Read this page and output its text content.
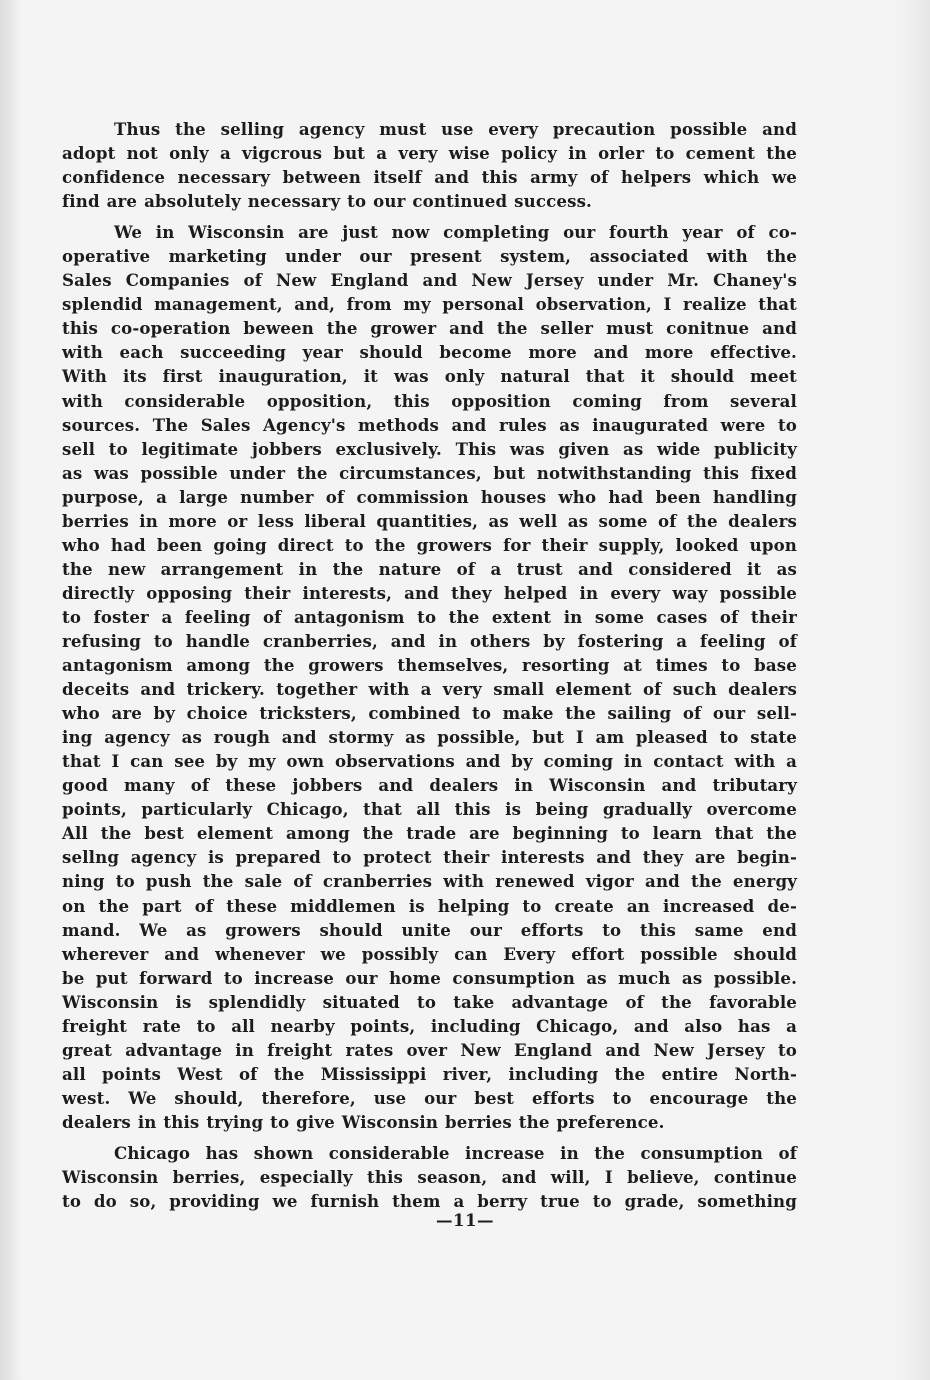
Thus the selling agency must use every precaution possible and
adopt not only a vigcrous but a very wise policy in orler to cement the
confidence necessary between itself and this army of helpers which we
find are absolutely necessary to our continued success.
We in Wisconsin are just now completing our fourth year of co-
operative marketing under our present system, associated with the
Sales Companies of New England and New Jersey under Mr. Chaney's
splendid management, and, from my personal observation, I realize that
this co-operation beween the grower and the seller must conitnue and
with each succeeding year should become more and more effective.
With its first inauguration, it was only natural that it should meet
with considerable opposition, this opposition coming from several
sources. The Sales Agency's methods and rules as inaugurated were to
sell to legitimate jobbers exclusively. This was given as wide publicity
as was possible under the circumstances, but notwithstanding this fixed
purpose, a large number of commission houses who had been handling
berries in more or less liberal quantities, as well as some of the dealers
who had been going direct to the growers for their supply, looked upon
the new arrangement in the nature of a trust and considered it as
directly opposing their interests, and they helped in every way possible
to foster a feeling of antagonism to the extent in some cases of their
refusing to handle cranberries, and in others by fostering a feeling of
antagonism among the growers themselves, resorting at times to base
deceits and trickery. together with a very small element of such dealers
who are by choice tricksters, combined to make the sailing of our sell-
ing agency as rough and stormy as possible, but I am pleased to state
that I can see by my own observations and by coming in contact with a
good many of these jobbers and dealers in Wisconsin and tributary
points, particularly Chicago, that all this is being gradually overcome
All the best element among the trade are beginning to learn that the
sellng agency is prepared to protect their interests and they are begin-
ning to push the sale of cranberries with renewed vigor and the energy
on the part of these middlemen is helping to create an increased de-
mand. We as growers should unite our efforts to this same end
wherever and whenever we possibly can Every effort possible should
be put forward to increase our home consumption as much as possible.
Wisconsin is splendidly situated to take advantage of the favorable
freight rate to all nearby points, including Chicago, and also has a
great advantage in freight rates over New England and New Jersey to
all points West of the Mississippi river, including the entire North-
west. We should, therefore, use our best efforts to encourage the
dealers in this trying to give Wisconsin berries the preference.
Chicago has shown considerable increase in the consumption of
Wisconsin berries, especially this season, and will, I believe, continue
to do so, providing we furnish them a berry true to grade, something
—11—
